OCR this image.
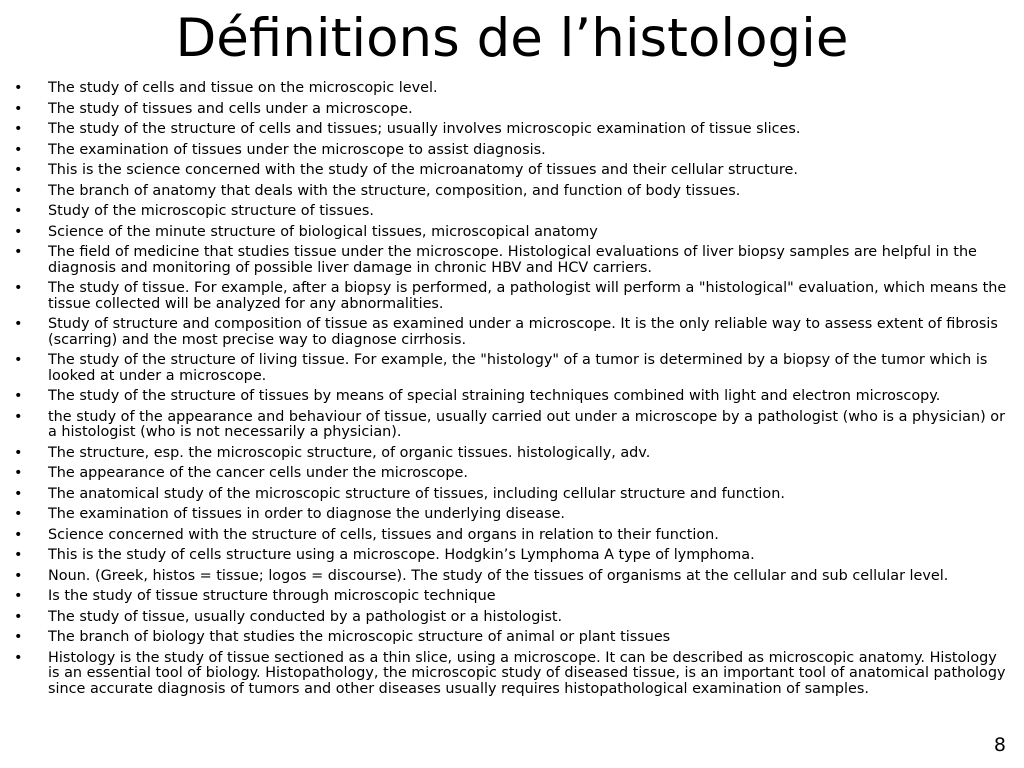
Définitions de l’histologie
•	The study of cells and tissue on the microscopic level.
•	The study of tissues and cells under a microscope.
•	The study of the structure of cells and tissues; usually involves microscopic examination of tissue slices.
•	The examination of tissues under the microscope to assist diagnosis.
•	This is the science concerned with the study of the microanatomy of tissues and their cellular structure.
•	The branch of anatomy that deals with the structure, composition, and function of body tissues.
•	Study of the microscopic structure of tissues.
•	Science of the minute structure of biological tissues, microscopical anatomy
•	The field of medicine that studies tissue under the microscope. Histological evaluations of liver biopsy samples are helpful in the diagnosis and monitoring of possible liver damage in chronic HBV and HCV carriers.
•	The study of tissue. For example, after a biopsy is performed, a pathologist will perform a "histological" evaluation, which means the tissue collected will be analyzed for any abnormalities.
•	Study of structure and composition of tissue as examined under a microscope. It is the only reliable way to assess extent of fibrosis (scarring) and the most precise way to diagnose cirrhosis.
•	The study of the structure of living tissue. For example, the "histology" of a tumor is determined by a biopsy of the tumor which is looked at under a microscope.
•	The study of the structure of tissues by means of special straining techniques combined with light and electron microscopy.
•	the study of the appearance and behaviour of tissue, usually carried out under a microscope by a pathologist (who is a physician) or a histologist (who is not necessarily a physician).
•	The structure, esp. the microscopic structure, of organic tissues. histologically, adv.
•	The appearance of the cancer cells under the microscope.
•	The anatomical study of the microscopic structure of tissues, including cellular structure and function.
•	The examination of tissues in order to diagnose the underlying disease.
•	Science concerned with the structure of cells, tissues and organs in relation to their function.
•	This is the study of cells structure using a microscope. Hodgkin’s Lymphoma A type of lymphoma.
•	Noun. (Greek, histos = tissue; logos = discourse). The study of the tissues of organisms at the cellular and sub cellular level.
•	Is the study of tissue structure through microscopic technique
•	The study of tissue, usually conducted by a pathologist or a histologist.
•	The branch of biology that studies the microscopic structure of animal or plant tissues
•	Histology is the study of tissue sectioned as a thin slice, using a microscope. It can be described as microscopic anatomy. Histology is an essential tool of biology. Histopathology, the microscopic study of diseased tissue, is an important tool of anatomical pathology since accurate diagnosis of tumors and other diseases usually requires histopathological examination of samples.
8
